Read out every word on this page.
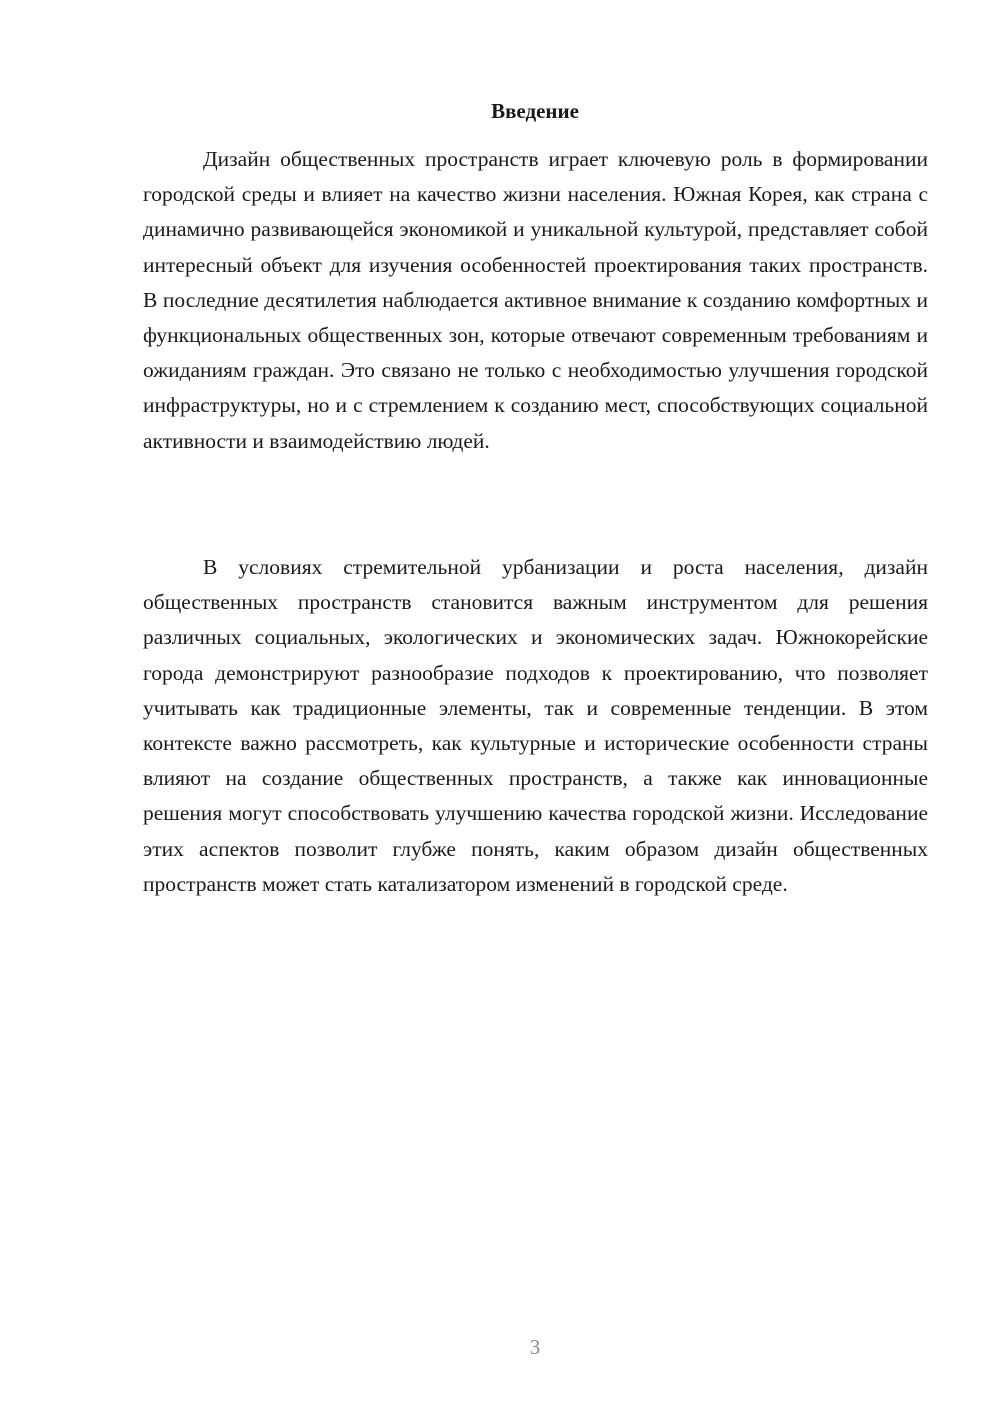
Введение

Дизайн общественных пространств играет ключевую роль в формировании городской среды и влияет на качество жизни населения. Южная Корея, как страна с динамично развивающейся экономикой и уникальной культурой, представляет собой интересный объект для изучения особенностей проектирования таких пространств. В последние десятилетия наблюдается активное внимание к созданию комфортных и функциональных общественных зон, которые отвечают современным требованиям и ожиданиям граждан. Это связано не только с необходимостью улучшения городской инфраструктуры, но и с стремлением к созданию мест, способствующих социальной активности и взаимодействию людей.

В условиях стремительной урбанизации и роста населения, дизайн общественных пространств становится важным инструментом для решения различных социальных, экологических и экономических задач. Южнокорейские города демонстрируют разнообразие подходов к проектированию, что позволяет учитывать как традиционные элементы, так и современные тенденции. В этом контексте важно рассмотреть, как культурные и исторические особенности страны влияют на создание общественных пространств, а также как инновационные решения могут способствовать улучшению качества городской жизни. Исследование этих аспектов позволит глубже понять, каким образом дизайн общественных пространств может стать катализатором изменений в городской среде.

3
